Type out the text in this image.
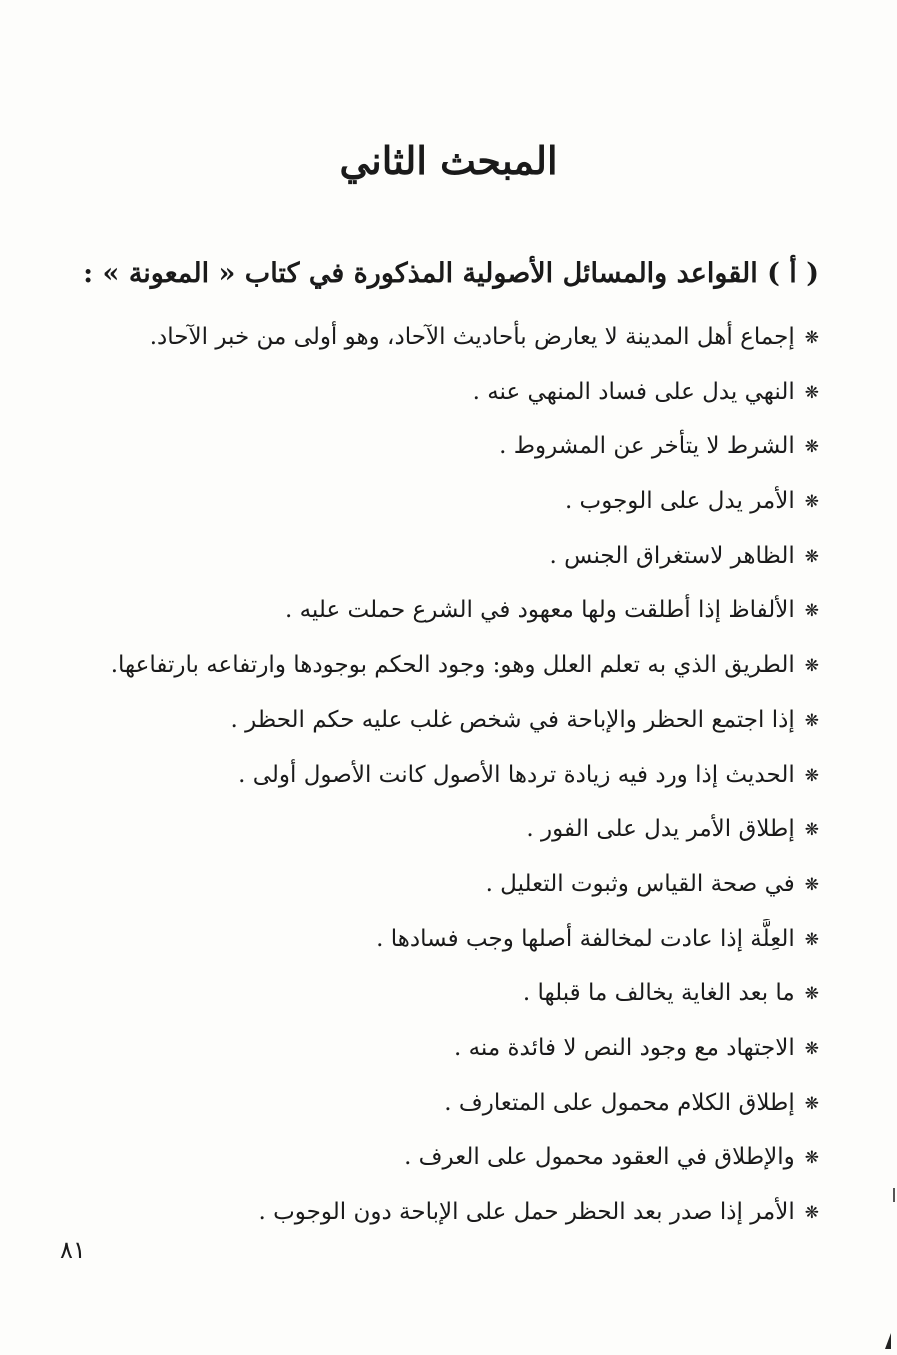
المبحث الثاني
( أ ) القواعد والمسائل الأصولية المذكورة في كتاب « المعونة » :
❋إجماع أهل المدينة لا يعارض بأحاديث الآحاد، وهو أولى من خبر الآحاد.
❋النهي يدل على فساد المنهي عنه .
❋الشرط لا يتأخر عن المشروط .
❋الأمر يدل على الوجوب .
❋الظاهر لاستغراق الجنس .
❋الألفاظ إذا أطلقت ولها معهود في الشرع حملت عليه .
❋الطريق الذي به تعلم العلل وهو: وجود الحكم بوجودها وارتفاعه بارتفاعها.
❋إذا اجتمع الحظر والإباحة في شخص غلب عليه حكم الحظر .
❋الحديث إذا ورد فيه زيادة تردها الأصول كانت الأصول أولى .
❋إطلاق الأمر يدل على الفور .
❋في صحة القياس وثبوت التعليل .
❋العِلَّة إذا عادت لمخالفة أصلها وجب فسادها .
❋ما بعد الغاية يخالف ما قبلها .
❋الاجتهاد مع وجود النص لا فائدة منه .
❋إطلاق الكلام محمول على المتعارف .
❋والإطلاق في العقود محمول على العرف .
❋الأمر إذا صدر بعد الحظر حمل على الإباحة دون الوجوب .
٨١
